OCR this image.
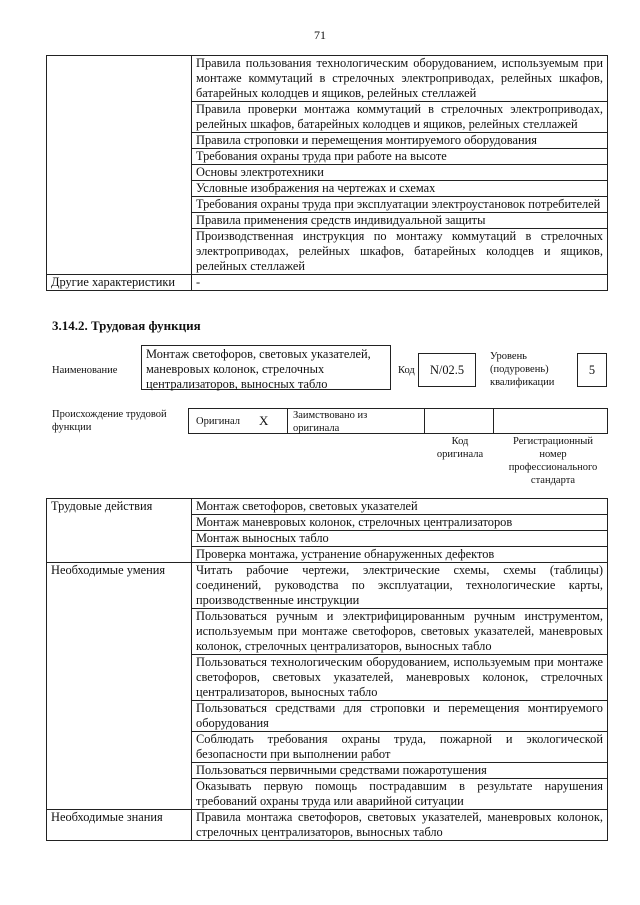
71
	Правила пользования технологическим оборудованием, используемым при монтаже коммутаций в стрелочных электроприводах, релейных шкафов, батарейных колодцев и ящиков, релейных стеллажей
	Правила проверки монтажа коммутаций в стрелочных электроприводах, релейных шкафов, батарейных колодцев и ящиков, релейных стеллажей
	Правила строповки и перемещения монтируемого оборудования
	Требования охраны труда при работе на высоте
	Основы электротехники
	Условные изображения на чертежах и схемах
	Требования охраны труда при эксплуатации электроустановок потребителей
	Правила применения средств индивидуальной защиты
	Производственная инструкция по монтажу коммутаций в стрелочных электроприводах, релейных шкафов, батарейных колодцев и ящиков, релейных стеллажей
Другие характеристики	-
3.14.2. Трудовая функция
Наименование
Монтаж светофоров, световых указателей, маневровых колонок, стрелочных централизаторов, выносных табло
Код	N/02.5
Уровень (подуровень) квалификации
5
Происхождение трудовой функции
Оригинал X Заимствовано из оригинала
Код оригинала
Регистрационный номер профессионального стандарта
Трудовые действия	Монтаж светофоров, световых указателей
	Монтаж маневровых колонок, стрелочных централизаторов
	Монтаж выносных табло
	Проверка монтажа, устранение обнаруженных дефектов
Необходимые умения	Читать рабочие чертежи, электрические схемы, схемы (таблицы) соединений, руководства по эксплуатации, технологические карты, производственные инструкции
	Пользоваться ручным и электрифицированным ручным инструментом, используемым при монтаже светофоров, световых указателей, маневровых колонок, стрелочных централизаторов, выносных табло
	Пользоваться технологическим оборудованием, используемым при монтаже светофоров, световых указателей, маневровых колонок, стрелочных централизаторов, выносных табло
	Пользоваться средствами для строповки и перемещения монтируемого оборудования
	Соблюдать требования охраны труда, пожарной и экологической безопасности при выполнении работ
	Пользоваться первичными средствами пожаротушения
	Оказывать первую помощь пострадавшим в результате нарушения требований охраны труда или аварийной ситуации
Необходимые знания	Правила монтажа светофоров, световых указателей, маневровых колонок, стрелочных централизаторов, выносных табло
